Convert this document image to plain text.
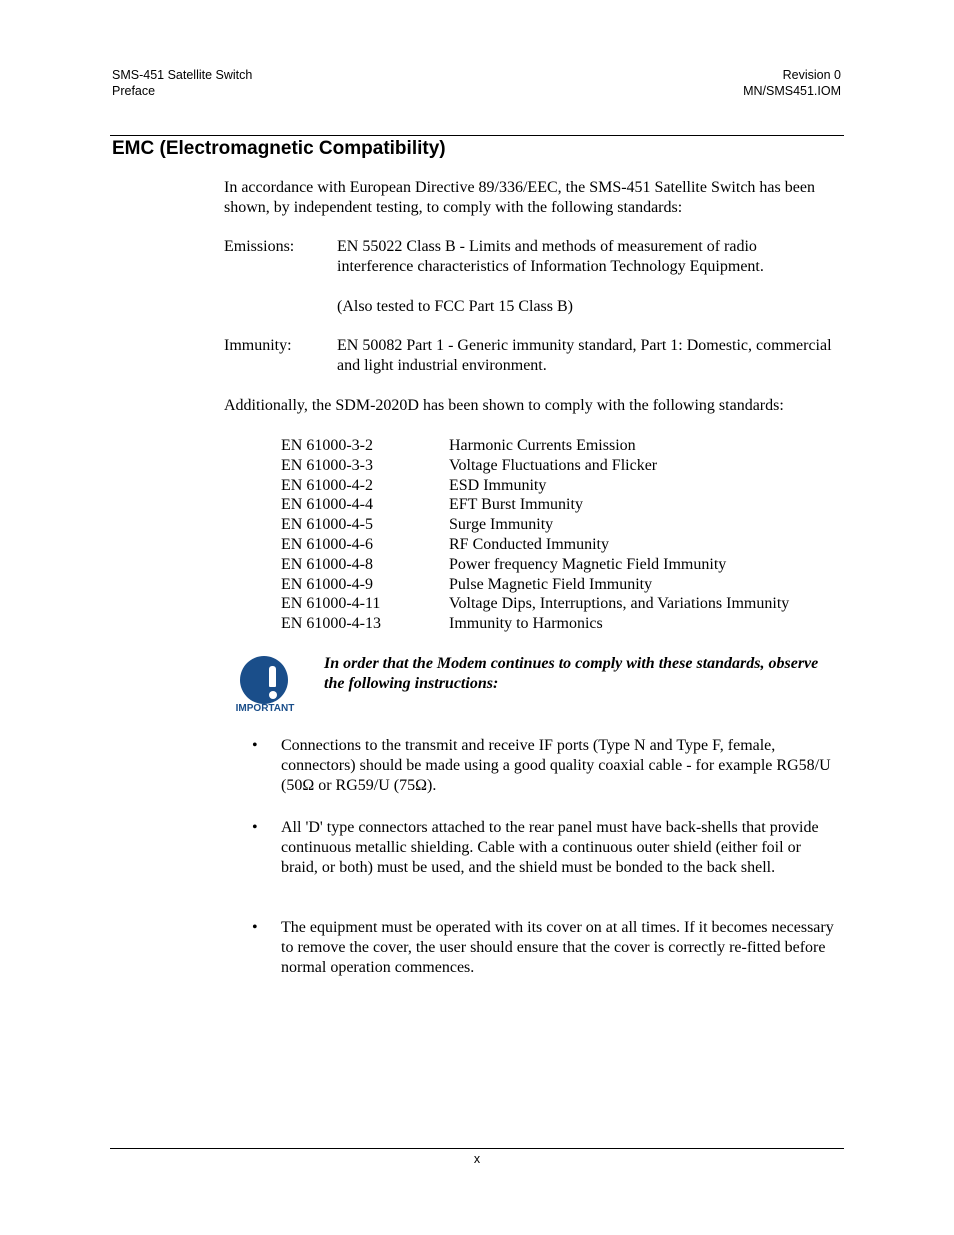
SMS-451 Satellite Switch
Preface
Revision 0
MN/SMS451.IOM
EMC (Electromagnetic Compatibility)
In accordance with European Directive 89/336/EEC, the SMS-451 Satellite Switch has been shown, by independent testing, to comply with the following standards:
Emissions:	EN 55022 Class B - Limits and methods of measurement of radio interference characteristics of Information Technology Equipment.
(Also tested to FCC Part 15 Class B)
Immunity:	EN 50082 Part 1 - Generic immunity standard, Part 1: Domestic, commercial and light industrial environment.
Additionally, the SDM-2020D has been shown to comply with the following standards:
EN 61000-3-2	Harmonic Currents Emission
EN 61000-3-3	Voltage Fluctuations and Flicker
EN 61000-4-2	ESD Immunity
EN 61000-4-4	EFT Burst Immunity
EN 61000-4-5	Surge Immunity
EN 61000-4-6	RF Conducted Immunity
EN 61000-4-8	Power frequency Magnetic Field Immunity
EN 61000-4-9	Pulse Magnetic Field Immunity
EN 61000-4-11	Voltage Dips, Interruptions, and Variations Immunity
EN 61000-4-13	Immunity to Harmonics
IMPORTANT
In order that the Modem continues to comply with these standards, observe the following instructions:
• Connections to the transmit and receive IF ports (Type N and Type F, female, connectors) should be made using a good quality coaxial cable - for example RG58/U (50Ω or RG59/U (75Ω).
• All 'D' type connectors attached to the rear panel must have back-shells that provide continuous metallic shielding. Cable with a continuous outer shield (either foil or braid, or both) must be used, and the shield must be bonded to the back shell.
• The equipment must be operated with its cover on at all times. If it becomes necessary to remove the cover, the user should ensure that the cover is correctly re-fitted before normal operation commences.
x
